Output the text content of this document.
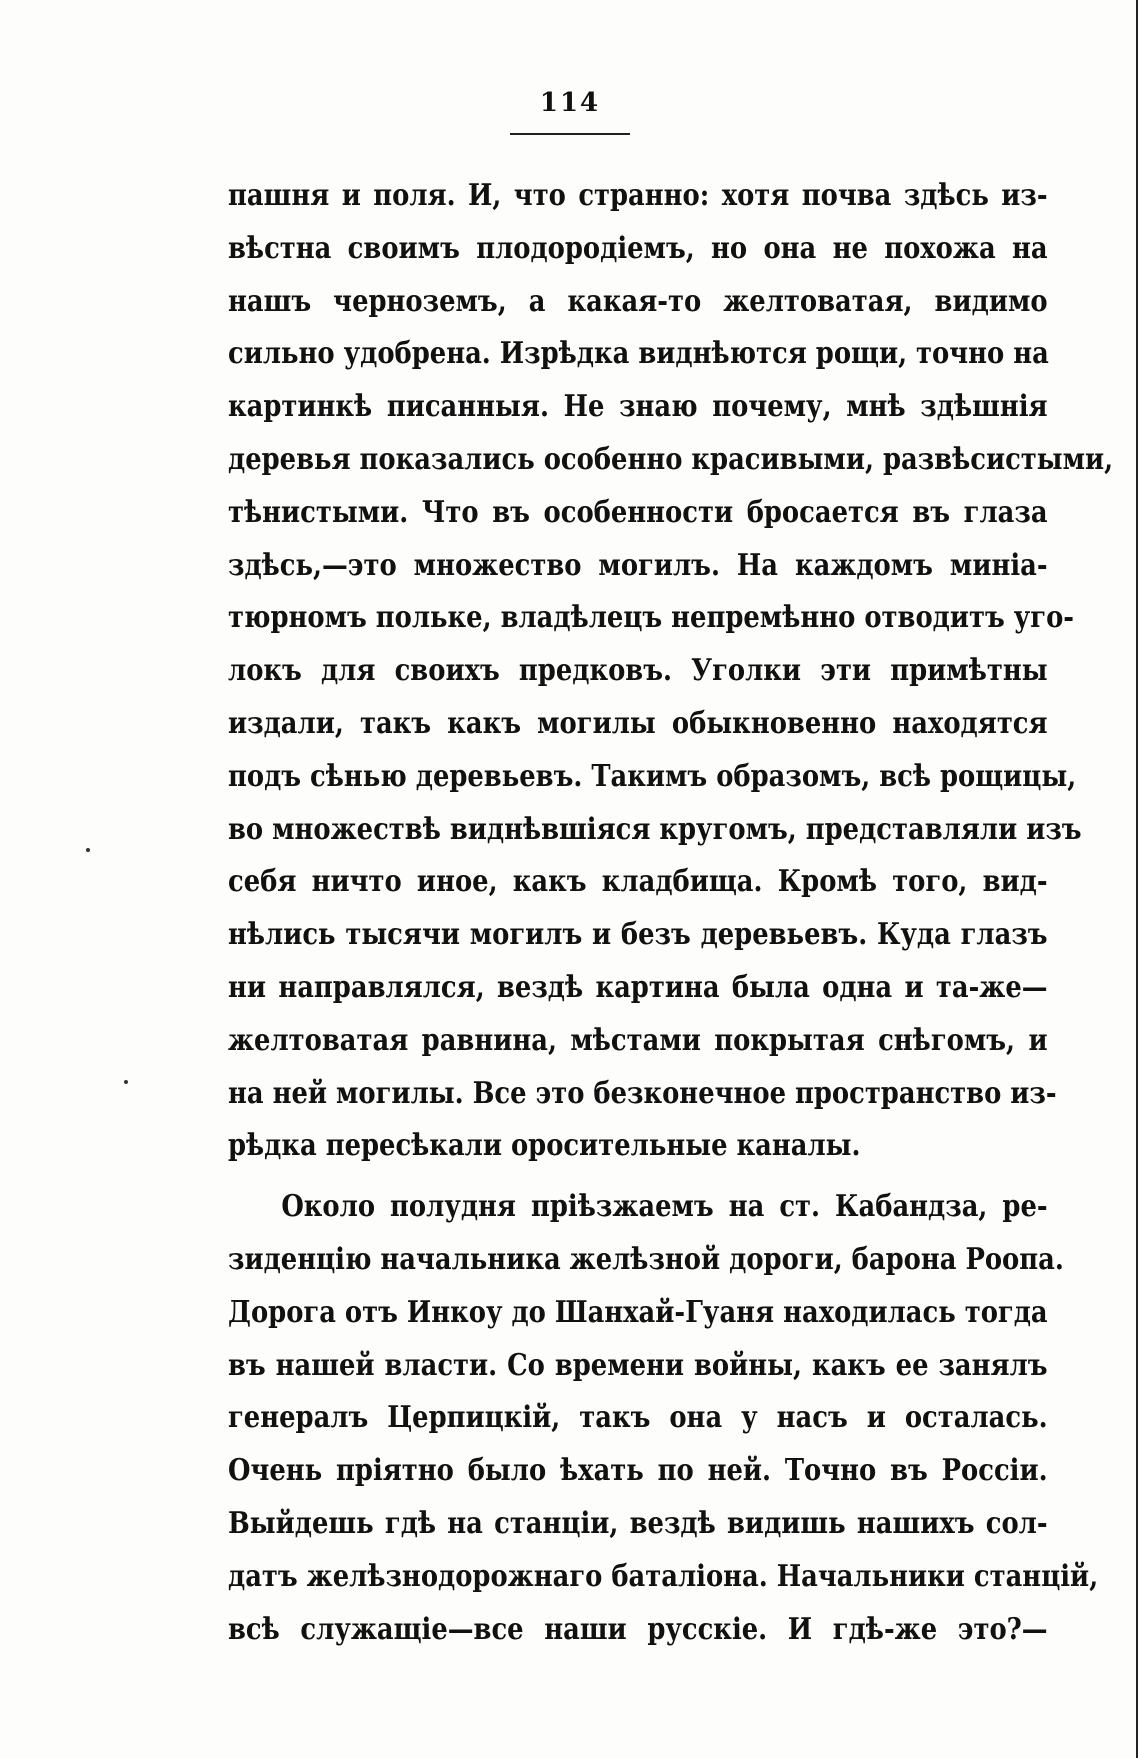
114
пашня и поля. И, что странно: хотя почва здѣсь из-
вѣстна своимъ плодородіемъ, но она не похожа на
нашъ черноземъ, а какая-то желтоватая, видимо
сильно удобрена. Изрѣдка виднѣются рощи, точно на
картинкѣ писанныя. Не знаю почему, мнѣ здѣшнія
деревья показались особенно красивыми, развѣсистыми,
тѣнистыми. Что въ особенности бросается въ глаза
здѣсь,—это множество могилъ. На каждомъ миніа-
тюрномъ польке, владѣлецъ непремѣнно отводитъ уго-
локъ для своихъ предковъ. Уголки эти примѣтны
издали, такъ какъ могилы обыкновенно находятся
подъ сѣнью деревьевъ. Такимъ образомъ, всѣ рощицы,
во множествѣ виднѣвшіяся кругомъ, представляли изъ
себя ничто иное, какъ кладбища. Кромѣ того, вид-
нѣлись тысячи могилъ и безъ деревьевъ. Куда глазъ
ни направлялся, вездѣ картина была одна и та-же—
желтоватая равнина, мѣстами покрытая снѣгомъ, и
на ней могилы. Все это безконечное пространство из-
рѣдка пересѣкали оросительные каналы.
Около полудня пріѣзжаемъ на ст. Кабандза, ре-
зиденцію начальника желѣзной дороги, барона Роопа.
Дорога отъ Инкоу до Шанхай-Гуаня находилась тогда
въ нашей власти. Со времени войны, какъ ее занялъ
генералъ Церпицкій, такъ она у насъ и осталась.
Очень пріятно было ѣхать по ней. Точно въ Россіи.
Выйдешь гдѣ на станціи, вездѣ видишь нашихъ сол-
датъ желѣзнодорожнаго баталіона. Начальники станцій,
всѣ служащіе—все наши русскіе. И гдѣ-же это?—
